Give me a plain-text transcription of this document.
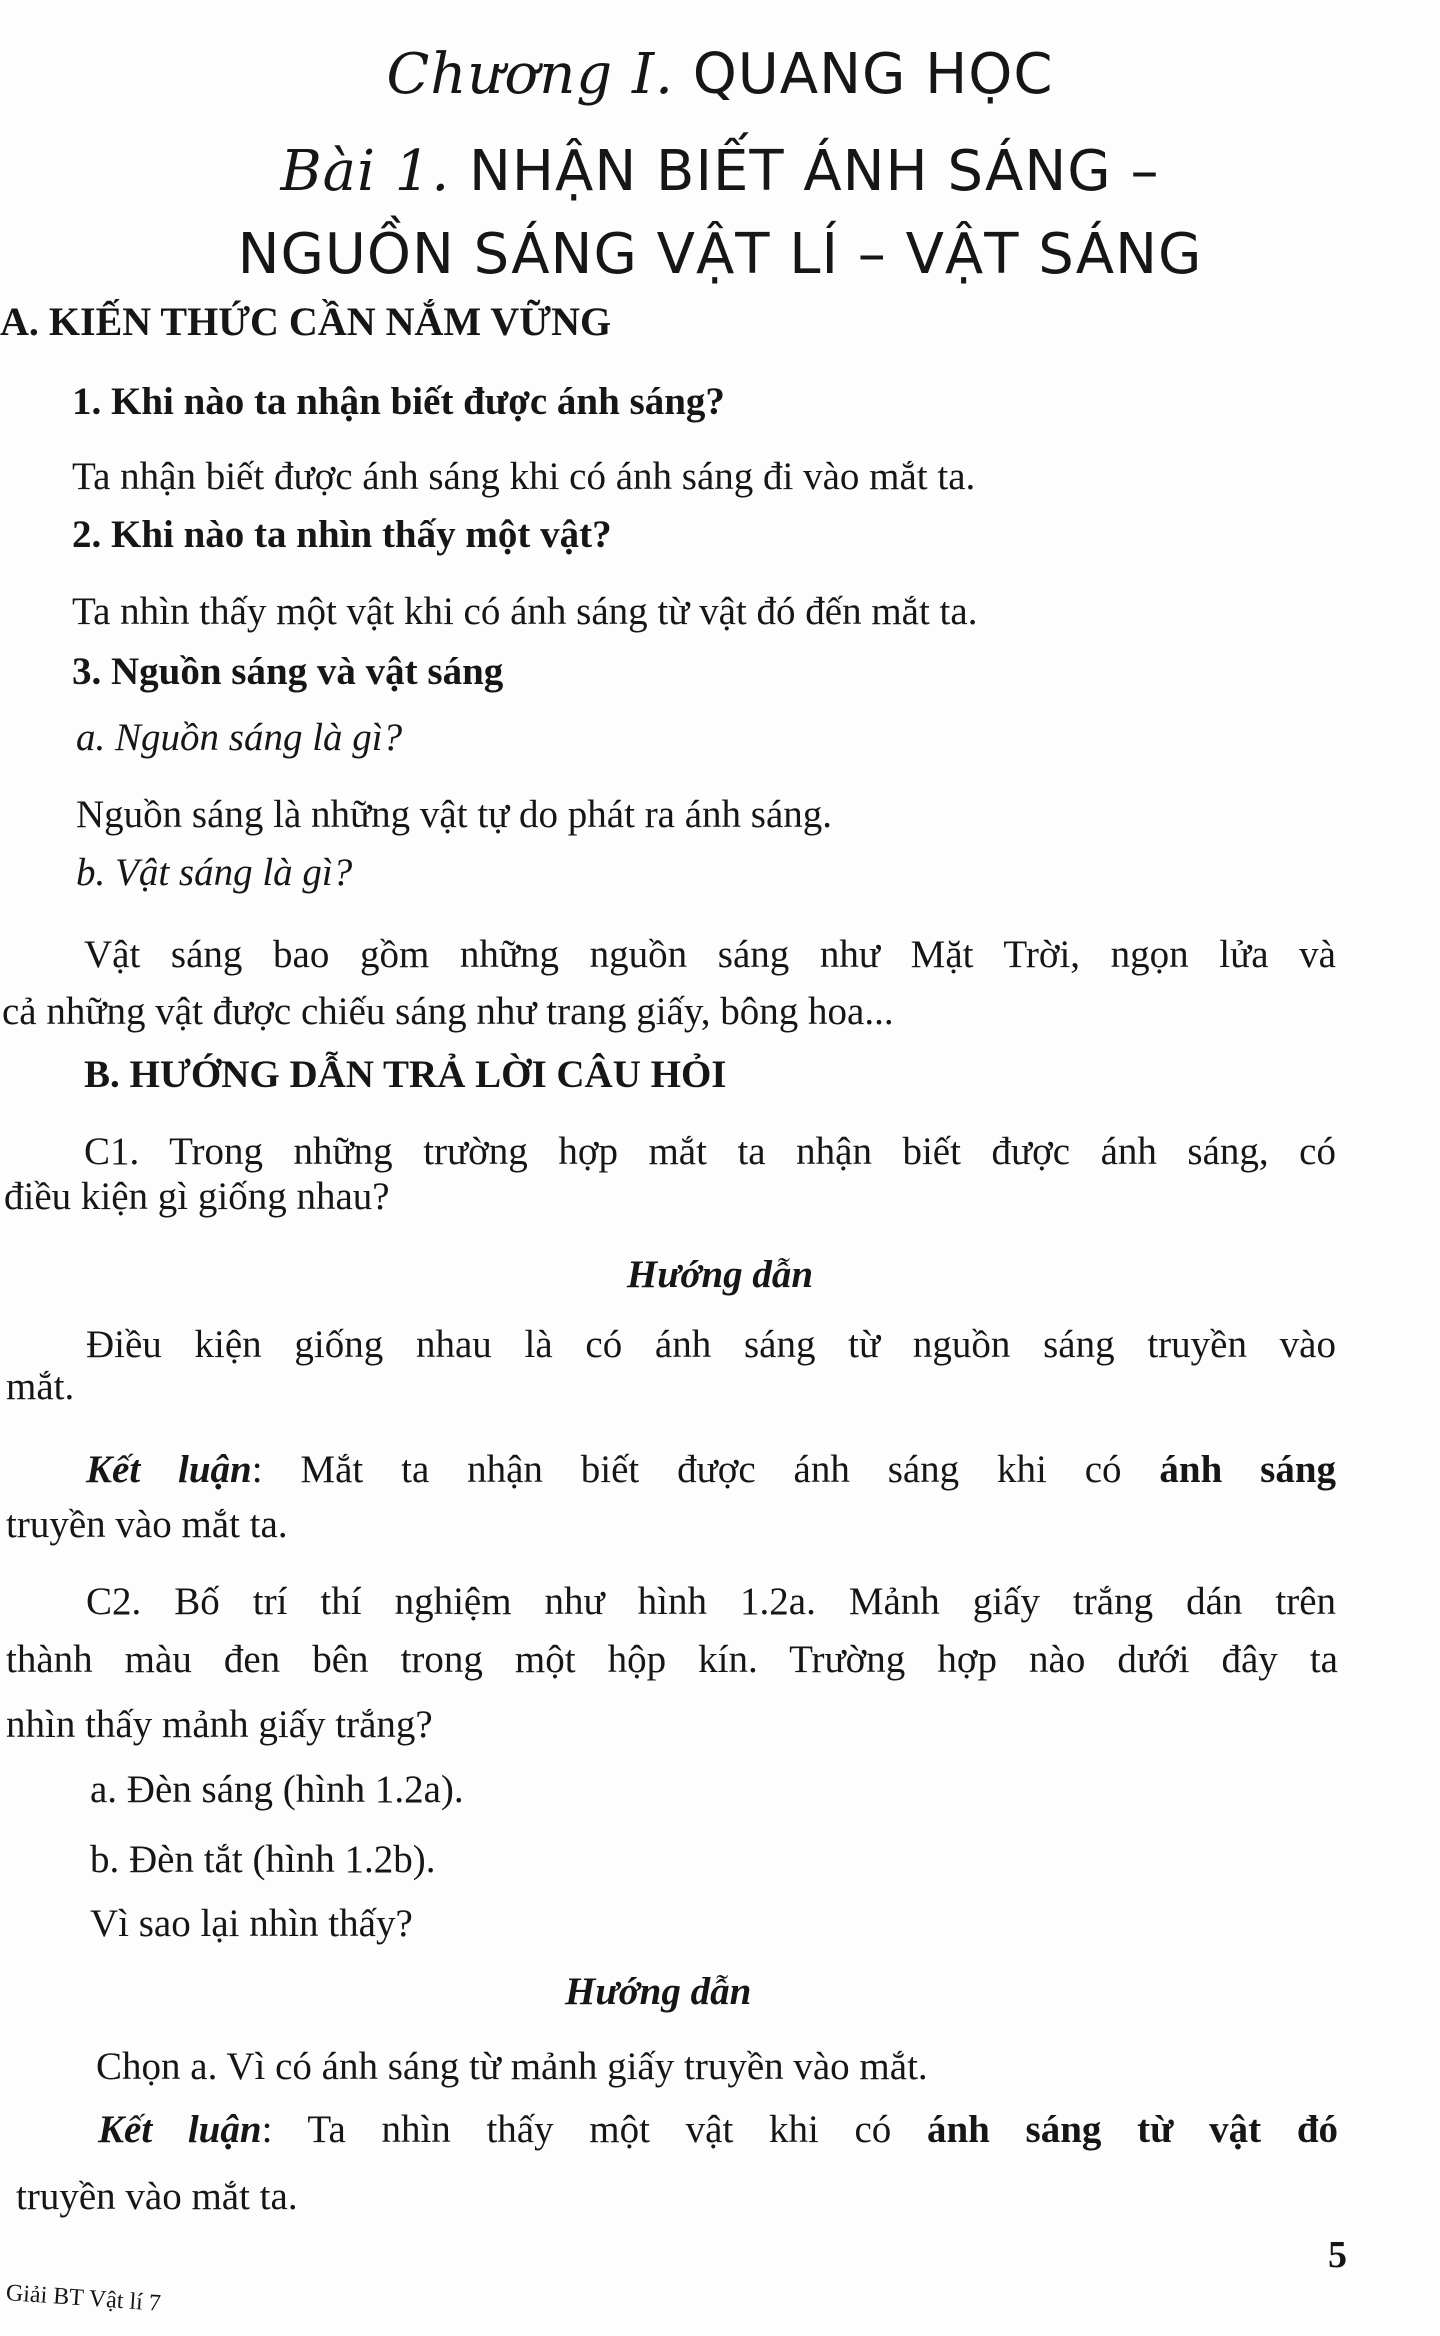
Chương I. QUANG HỌC
Bài 1. NHẬN BIẾT ÁNH SÁNG –
NGUỒN SÁNG VẬT LÍ – VẬT SÁNG
A. KIẾN THỨC CẦN NẮM VỮNG
1. Khi nào ta nhận biết được ánh sáng?
Ta nhận biết được ánh sáng khi có ánh sáng đi vào mắt ta.
2. Khi nào ta nhìn thấy một vật?
Ta nhìn thấy một vật khi có ánh sáng từ vật đó đến mắt ta.
3. Nguồn sáng và vật sáng
a. Nguồn sáng là gì?
Nguồn sáng là những vật tự do phát ra ánh sáng.
b. Vật sáng là gì?
Vật sáng bao gồm những nguồn sáng như Mặt Trời, ngọn lửa và
cả những vật được chiếu sáng như trang giấy, bông hoa...
B. HƯỚNG DẪN TRẢ LỜI CÂU HỎI
C1. Trong những trường hợp mắt ta nhận biết được ánh sáng, có
điều kiện gì giống nhau?
Hướng dẫn
Điều kiện giống nhau là có ánh sáng từ nguồn sáng truyền vào
mắt.
Kết luận: Mắt ta nhận biết được ánh sáng khi có ánh sáng
truyền vào mắt ta.
C2. Bố trí thí nghiệm như hình 1.2a. Mảnh giấy trắng dán trên
thành màu đen bên trong một hộp kín. Trường hợp nào dưới đây ta
nhìn thấy mảnh giấy trắng?
a. Đèn sáng (hình 1.2a).
b. Đèn tắt (hình 1.2b).
Vì sao lại nhìn thấy?
Hướng dẫn
Chọn a. Vì có ánh sáng từ mảnh giấy truyền vào mắt.
Kết luận: Ta nhìn thấy một vật khi có ánh sáng từ vật đó
truyền vào mắt ta.
Giải BT Vật lí 7
5
